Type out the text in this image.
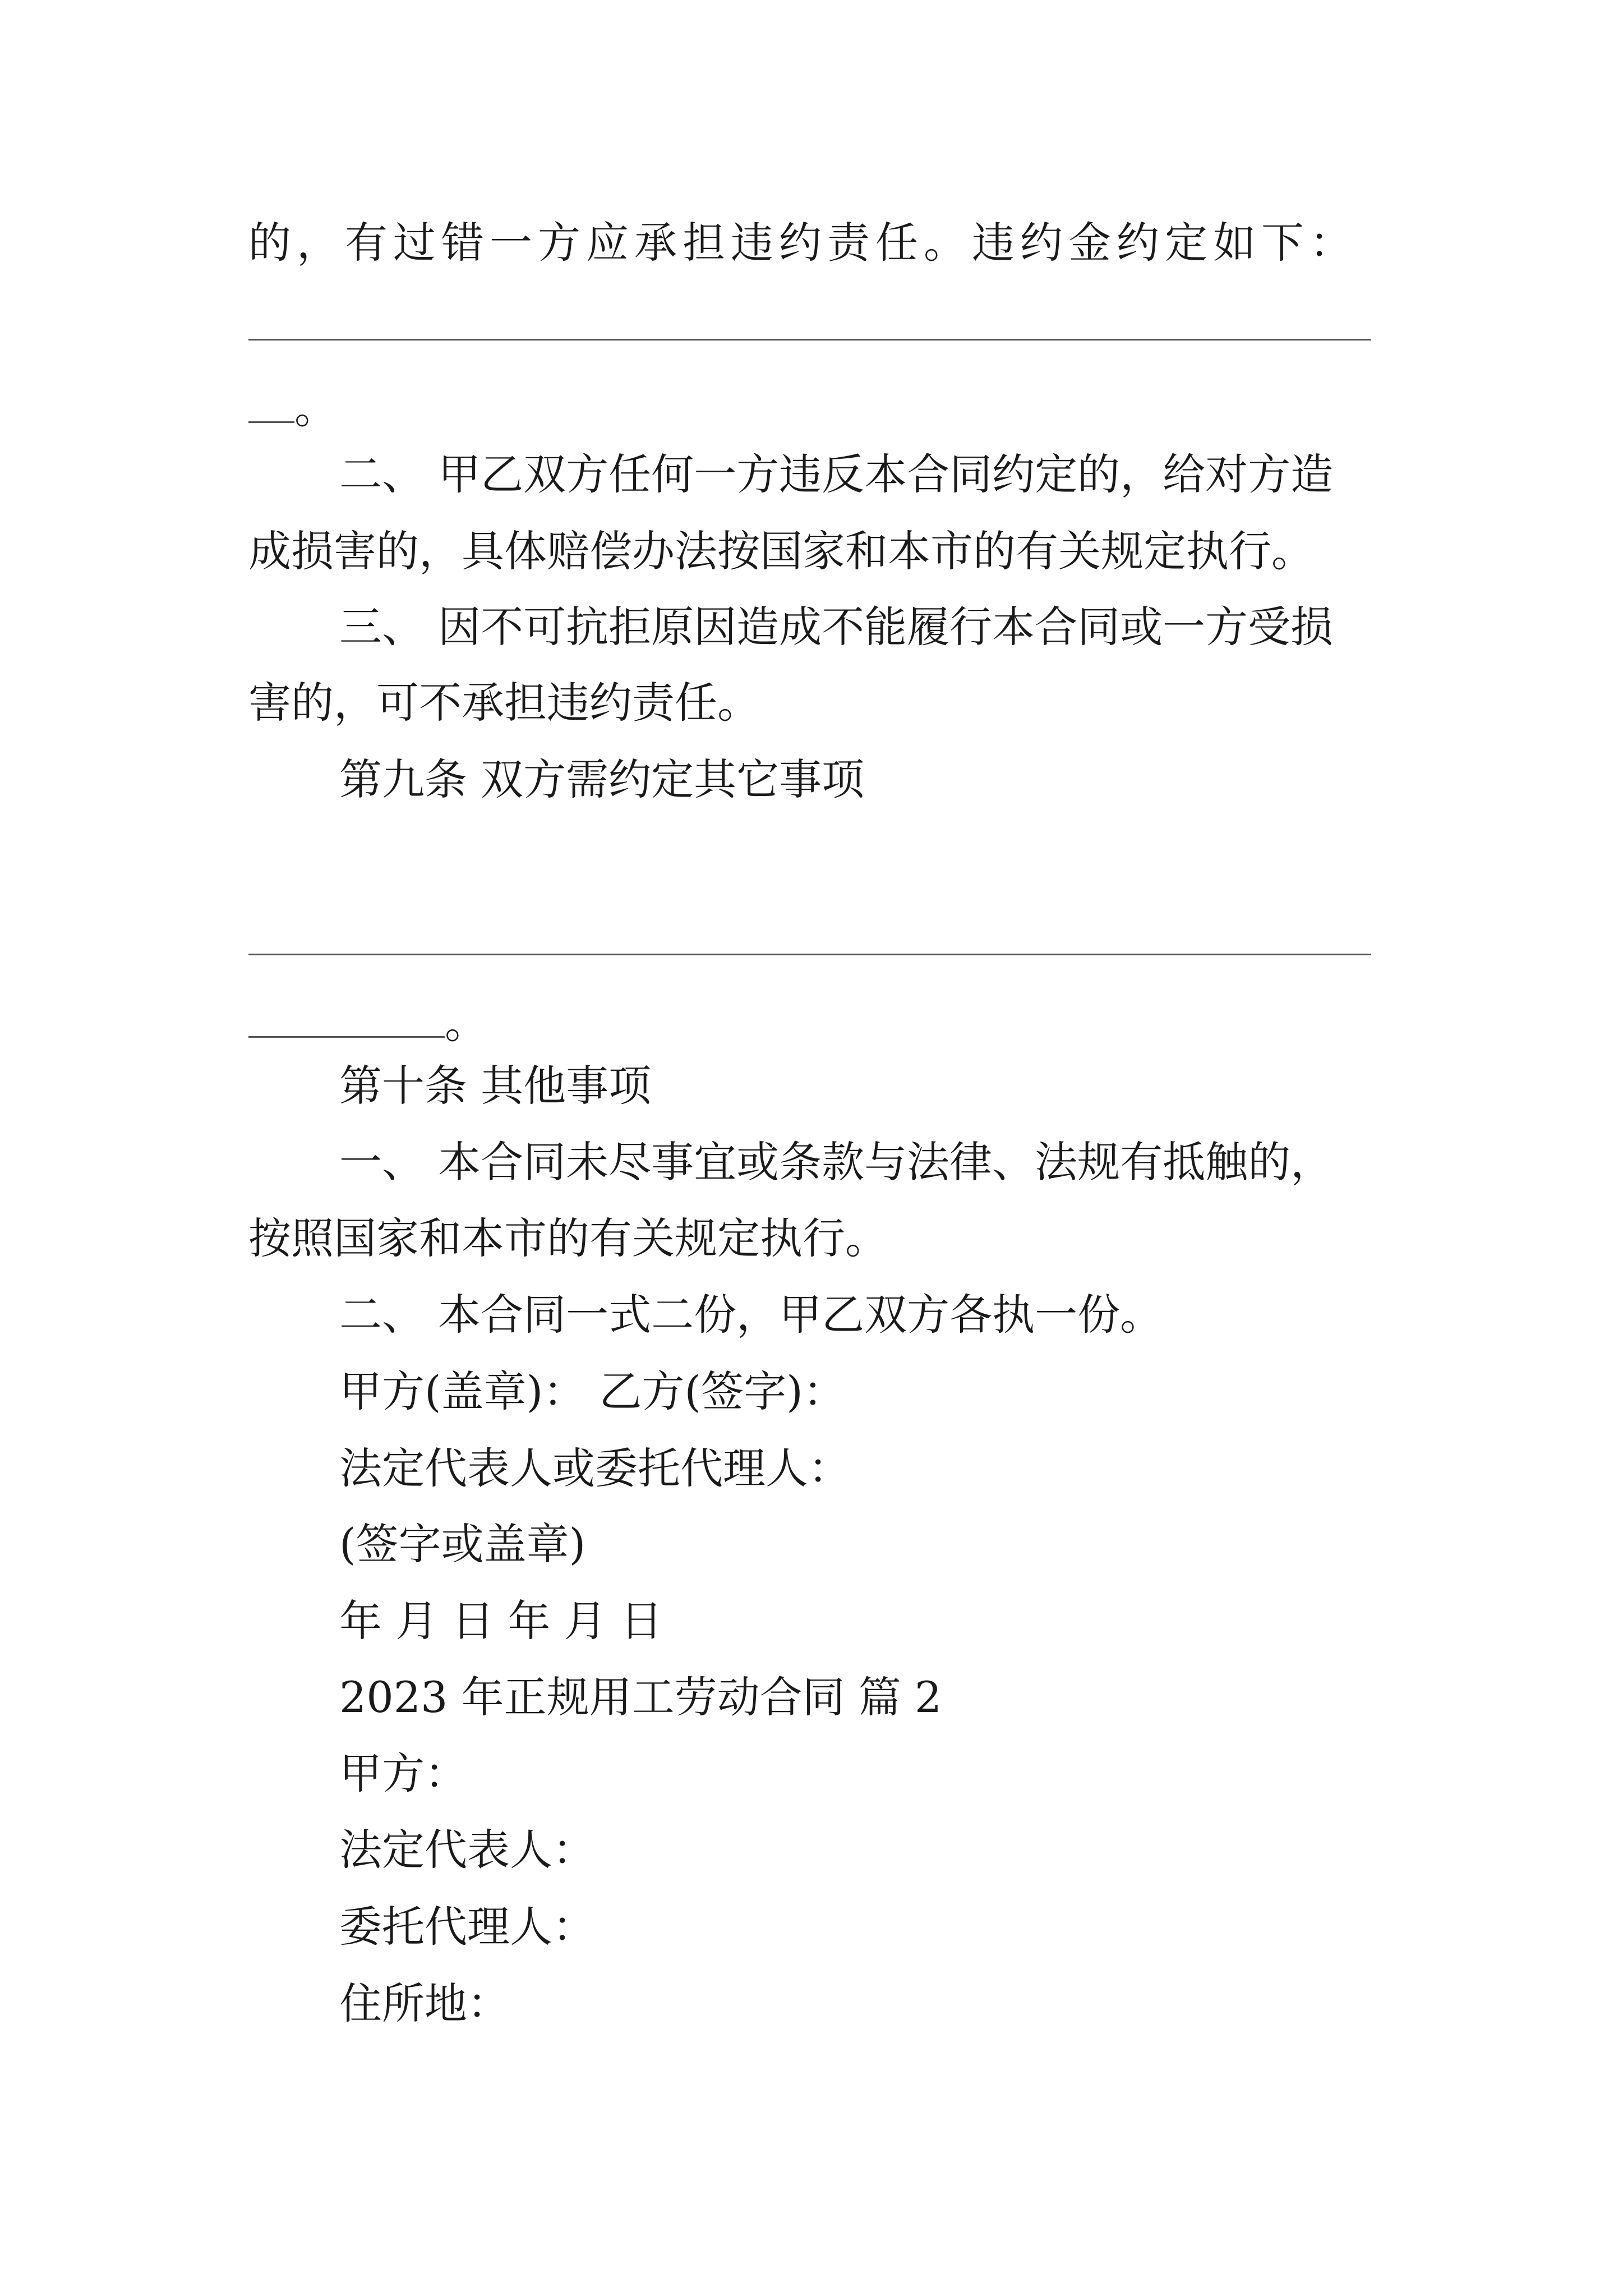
的，有过错一方应承担违约责任。违约金约定如下：
。
二、 甲乙双方任何一方违反本合同约定的，给对方造
成损害的，具体赔偿办法按国家和本市的有关规定执行。
三、 因不可抗拒原因造成不能履行本合同或一方受损
害的，可不承担违约责任。
第九条 双方需约定其它事项
。
第十条 其他事项
一、 本合同未尽事宜或条款与法律、法规有抵触的，
按照国家和本市的有关规定执行。
二、 本合同一式二份，甲乙双方各执一份。
甲方(盖章)： 乙方(签字)：
法定代表人或委托代理人：
(签字或盖章)
年 月 日 年 月 日
2023 年正规用工劳动合同 篇 2
甲方：
法定代表人：
委托代理人：
住所地：
